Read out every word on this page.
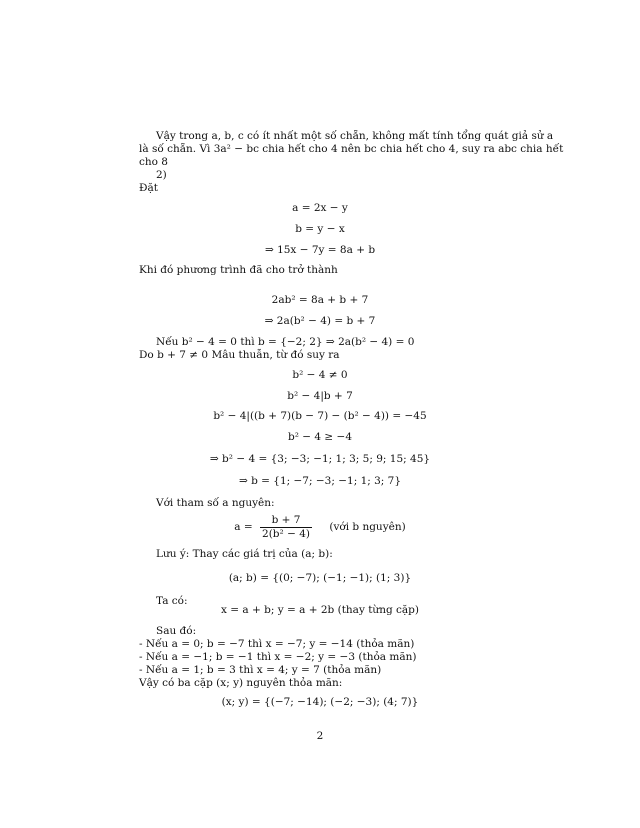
Vậy trong a, b, c có ít nhất một số chẵn, không mất tính tổng quát giả sử a

là số chẵn. Vì 3a² − bc chia hết cho 4 nên bc chia hết cho 4, suy ra abc chia hết

cho 8

2)

Đặt

a = 2x − y

b = y − x

⇒ 15x − 7y = 8a + b

Khi đó phương trình đã cho trở thành

2ab² = 8a + b + 7

⇒ 2a(b² − 4) = b + 7

Nếu b² − 4 = 0 thì b = {−2; 2} ⇒ 2a(b² − 4) = 0

Do b + 7 ≠ 0 Mâu thuẫn, từ đó suy ra

b² − 4 ≠ 0

b² − 4|b + 7

b² − 4|((b + 7)(b − 7) − (b² − 4)) = −45

b² − 4 ≥ −4

⇒ b² − 4 = {3; −3; −1; 1; 3; 5; 9; 15; 45}

⇒ b = {1; −7; −3; −1; 1; 3; 7}

Với tham số a nguyên:

$a = \frac{b + 7}{\text{2(b² − 4)}}$ (với b nguyên)

Lưu ý: Thay các giá trị của (a; b):

(a; b) = {(0; −7); (−1; −1); (1; 3)}

Ta có:

x = a + b; y = a + 2b (thay từng cặp)

Sau đó:

- Nếu a = 0; b = −7 thì x = −7; y = −14 (thỏa mãn)

- Nếu a = −1; b = −1 thì x = −2; y = −3 (thỏa mãn)

- Nếu a = 1; b = 3 thì x = 4; y = 7 (thỏa mãn)

Vậy có ba cặp (x; y) nguyên thỏa mãn:

(x; y) = {(−7; −14); (−2; −3); (4; 7)}

2
